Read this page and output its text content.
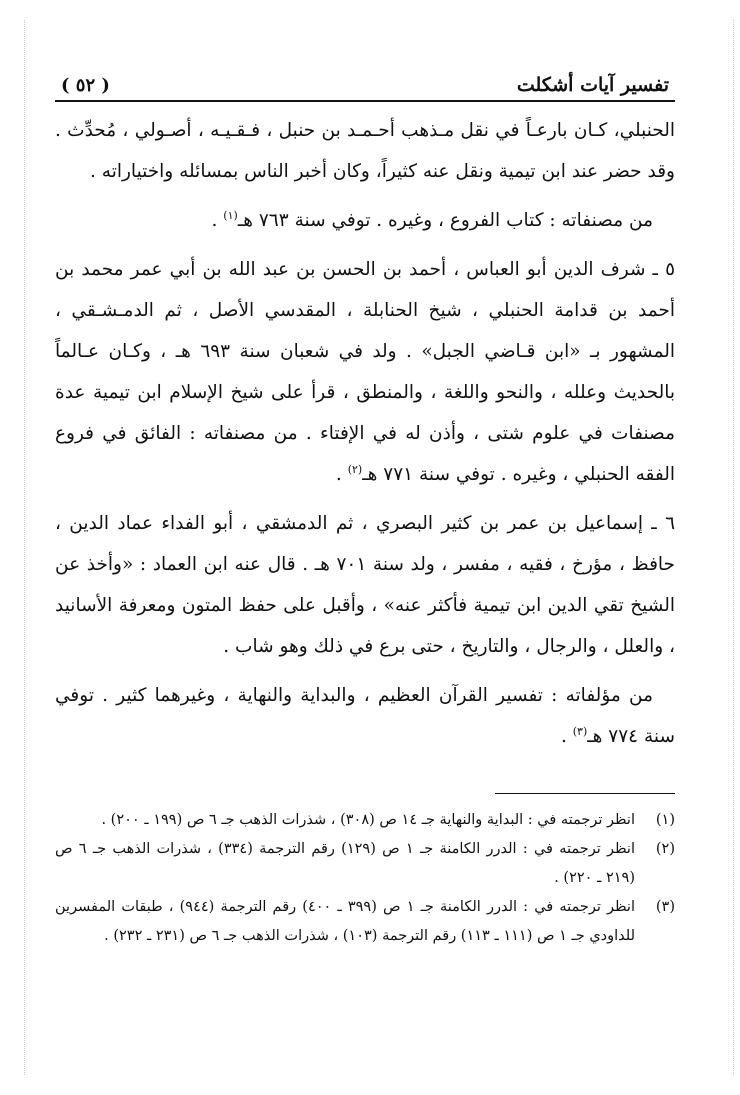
تفسير آيات أشكلت
( ٥٢ )

الحنبلي، كـان بارعـاً في نقل مـذهب أحـمـد بن حنبل ، فـقـيـه ، أصـولي ، مُحدِّث . وقد حضر عند ابن تيمية ونقل عنه كثيراً، وكان أخبر الناس بمسائله واختياراته .

من مصنفاته : كتاب الفروع ، وغيره . توفي سنة ٧٦٣ هـ$^{(١)}$ .

٥ ـ شرف الدين أبو العباس ، أحمد بن الحسن بن عبد الله بن أبي عمر محمد بن أحمد بن قدامة الحنبلي ، شيخ الحنابلة ، المقدسي الأصل ، ثم الدمـشـقي ، المشهور بـ «ابن قـاضي الجبل» . ولد في شعبان سنة ٦٩٣ هـ ، وكـان عـالماً بالحديث وعلله ، والنحو واللغة ، والمنطق ، قرأ على شيخ الإسلام ابن تيمية عدة مصنفات في علوم شتى ، وأذن له في الإفتاء . من مصنفاته : الفائق في فروع الفقه الحنبلي ، وغيره . توفي سنة ٧٧١ هـ$^{(٢)}$ .

٦ ـ إسماعيل بن عمر بن كثير البصري ، ثم الدمشقي ، أبو الفداء عماد الدين ، حافظ ، مؤرخ ، فقيه ، مفسر ، ولد سنة ٧٠١ هـ . قال عنه ابن العماد : «وأخذ عن الشيخ تقي الدين ابن تيمية فأكثر عنه» ، وأقبل على حفظ المتون ومعرفة الأسانيد ، والعلل ، والرجال ، والتاريخ ، حتى برع في ذلك وهو شاب .

من مؤلفاته : تفسير القرآن العظيم ، والبداية والنهاية ، وغيرهما كثير . توفي سنة ٧٧٤ هـ$^{(٣)}$ .

(١)
انظر ترجمته في : البداية والنهاية جـ ١٤ ص (٣٠٨) ، شذرات الذهب جـ ٦ ص (١٩٩ ـ ٢٠٠) .
(٢)
انظر ترجمته في : الدرر الكامنة جـ ١ ص (١٢٩) رقم الترجمة (٣٣٤) ، شذرات الذهب جـ ٦ ص (٢١٩ ـ ٢٢٠) .
(٣)
انظر ترجمته في : الدرر الكامنة جـ ١ ص (٣٩٩ ـ ٤٠٠) رقم الترجمة (٩٤٤) ، طبقات المفسرين للداودي جـ ١ ص (١١١ ـ ١١٣) رقم الترجمة (١٠٣) ، شذرات الذهب جـ ٦ ص (٢٣١ ـ ٢٣٢) .
